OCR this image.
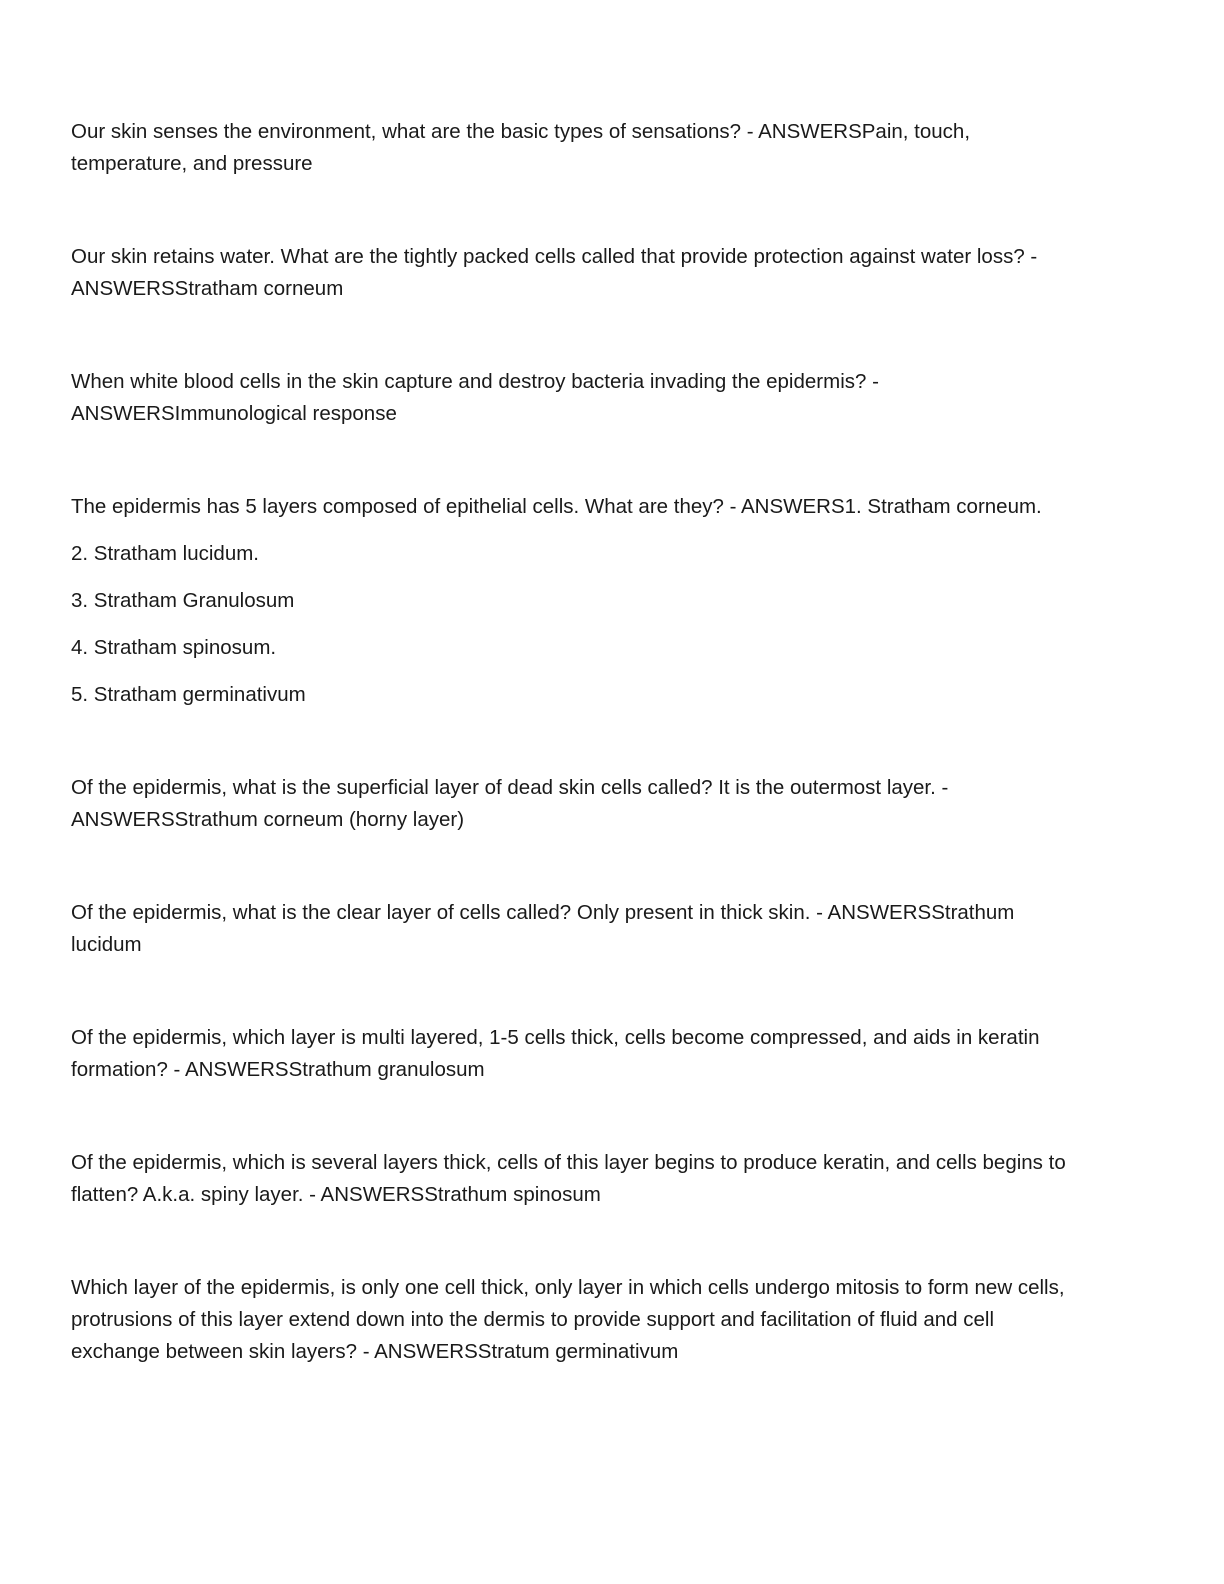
Our skin senses the environment, what are the basic types of sensations? - ANSWERSPain, touch,
temperature, and pressure
Our skin retains water. What are the tightly packed cells called that provide protection against water loss? -
ANSWERSStratham corneum
When white blood cells in the skin capture and destroy bacteria invading the epidermis? -
ANSWERSImmunological response
The epidermis has 5 layers composed of epithelial cells. What are they? - ANSWERS1. Stratham corneum.
2. Stratham lucidum.
3. Stratham Granulosum
4. Stratham spinosum.
5. Stratham germinativum
Of the epidermis, what is the superficial layer of dead skin cells called? It is the outermost layer. -
ANSWERSStrathum corneum (horny layer)
Of the epidermis, what is the clear layer of cells called? Only present in thick skin. - ANSWERSStrathum
lucidum
Of the epidermis, which layer is multi layered, 1-5 cells thick, cells become compressed, and aids in keratin
formation? - ANSWERSStrathum granulosum
Of the epidermis, which is several layers thick, cells of this layer begins to produce keratin, and cells begins to
flatten? A.k.a. spiny layer. - ANSWERSStrathum spinosum
Which layer of the epidermis, is only one cell thick, only layer in which cells undergo mitosis to form new cells,
protrusions of this layer extend down into the dermis to provide support and facilitation of fluid and cell
exchange between skin layers? - ANSWERSStratum germinativum
